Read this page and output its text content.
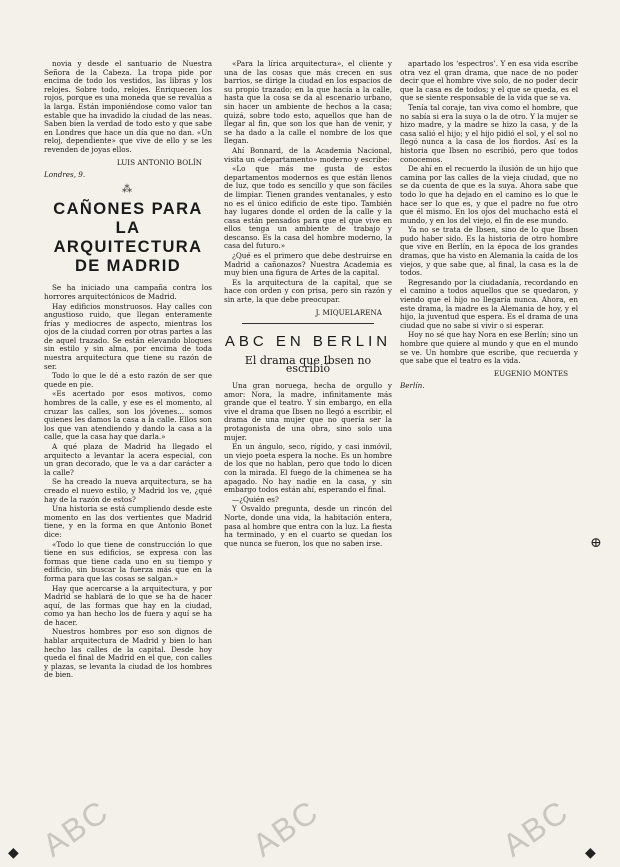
novia y desde el santuario de Nuestra Señora de la Cabeza. La tropa pide por encima de todo los vestidos, las libras y los relojes. Sobre todo, relojes. Enriquecen los rojos, porque es una moneda que se revalúa a la larga. Están imponiéndose como valor tan estable que ha invadido la ciudad de las neas. Saben bien la verdad de todo esto y que sabe en Londres que hace un día que no dan. «Un reloj, dependiente» que vive de ello y se les revenden de joyas ellos.

LUIS ANTONIO BOLÍN

Londres, 9.

⁂
CAÑONES PARA LA ARQUITECTURA DE MADRID

Se ha iniciado una campaña contra los horrores arquitectónicos de Madrid.

Hay edificios monstruosos. Hay calles con angustioso ruido, que llegan enteramente frías y mediocres de aspecto, mientras los ojos de la ciudad corren por otras partes a las de aquel trazado. Se están elevando bloques sin estilo y sin alma, por encima de toda nuestra arquitectura que tiene su razón de ser.

Todo lo que le dé a esto razón de ser que quede en pie.

«Es acertado por esos motivos, como hombres de la calle, y ese es el momento, al cruzar las calles, son los jóvenes... somos quienes les damos la casa a la calle. Ellos son los que van atendiendo y dando la casa a la calle, que la casa hay que darla.»

A qué plaza de Madrid ha llegado el arquitecto a levantar la acera especial, con un gran decorado, que le va a dar carácter a la calle?

Se ha creado la nueva arquitectura, se ha creado el nuevo estilo, y Madrid los ve, ¿qué hay de la razón de estos?

Una historia se está cumpliendo desde este momento en las dos vertientes que Madrid tiene, y en la forma en que Antonio Bonet dice:

«Todo lo que tiene de construcción lo que tiene en sus edificios, se expresa con las formas que tiene cada uno en su tiempo y edificio, sin buscar la fuerza más que en la forma para que las cosas se salgan.»

Hay que acercarse a la arquitectura, y por Madrid se hablará de lo que se ha de hacer aquí, de las formas que hay en la ciudad, como ya han hecho los de fuera y aquí se ha de hacer.

Nuestros hombres por eso son dignos de hablar arquitectura de Madrid y bien lo han hecho las calles de la capital. Desde hoy queda el final de Madrid en el que, con calles y plazas, se levanta la ciudad de los hombres de bien.

«Para la lírica arquitectura», el cliente y una de las cosas que más crecen en sus barrios, se dirige la ciudad en los espacios de su propio trazado; en la que hacía a la calle, hasta que la cosa se da al escenario urbano, sin hacer un ambiente de hechos a la casa; quizá, sobre todo esto, aquellos que han de llegar al fin, que son los que han de venir, y se ha dado a la calle el nombre de los que llegan.

Ahí Bonnard, de la Academia Nacional, visita un «departamento» moderno y escribe:

«Lo que más me gusta de estos departamentos modernos es que están llenos de luz, que todo es sencillo y que son fáciles de limpiar. Tienen grandes ventanales, y esto no es el único edificio de este tipo. También hay lugares donde el orden de la calle y la casa están pensados para que el que vive en ellos tenga un ambiente de trabajo y descanso. Es la casa del hombre moderno, la casa del futuro.»

¿Qué es el primero que debe destruirse en Madrid a cañonazos? Nuestra Academia es muy bien una figura de Artes de la capital.

Es la arquitectura de la capital, que se hace con orden y con prisa, pero sin razón y sin arte, la que debe preocupar.

J. MIQUELARENA
ABC EN BERLIN
El drama que Ibsen no escribió

Una gran noruega, hecha de orgullo y amor: Nora, la madre, infinitamente más grande que el teatro. Y sin embargo, en ella vive el drama que Ibsen no llegó a escribir, el drama de una mujer que no quería ser la protagonista de una obra, sino solo una mujer.

En un ángulo, seco, rígido, y casi inmóvil, un viejo poeta espera la noche. Es un hombre de los que no hablan, pero que todo lo dicen con la mirada. El fuego de la chimenea se ha apagado. No hay nadie en la casa, y sin embargo todos están ahí, esperando el final.

—¿Quién es?

Y Osvaldo pregunta, desde un rincón del Norte, donde una vida, la habitación entera, pasa al hombre que entra con la luz. La fiesta ha terminado, y en el cuarto se quedan los que nunca se fueron, los que no saben irse.

apartado los ‘espectros’. Y en esa vida escribe otra vez el gran drama, que nace de no poder decir que el hombre vive solo, de no poder decir que la casa es de todos; y el que se queda, es el que se siente responsable de la vida que se va.

Tenía tal coraje, tan viva como el hombre, que no sabía si era la suya o la de otro. Y la mujer se hizo madre, y la madre se hizo la casa, y de la casa salió el hijo; y el hijo pidió el sol, y el sol no llegó nunca a la casa de los fiordos. Así es la historia que Ibsen no escribió, pero que todos conocemos.

De ahí en el recuerdo la ilusión de un hijo que camina por las calles de la vieja ciudad, que no se da cuenta de que es la suya. Ahora sabe que todo lo que ha dejado en el camino es lo que le hace ser lo que es, y que el padre no fue otro que él mismo. En los ojos del muchacho está el mundo, y en los del viejo, el fin de ese mundo.

Ya no se trata de Ibsen, sino de lo que Ibsen pudo haber sido. Es la historia de otro hombre que vive en Berlín, en la época de los grandes dramas, que ha visto en Alemania la caída de los viejos, y que sabe que, al final, la casa es la de todos.

Regresando por la ciudadanía, recordando en el camino a todos aquellos que se quedaron, y viendo que el hijo no llegaría nunca. Ahora, en este drama, la madre es la Alemania de hoy, y el hijo, la juventud que espera. Es el drama de una ciudad que no sabe si vivir o si esperar.

Hoy no sé que hay Nora en ese Berlín; sino un hombre que quiere al mundo y que en el mundo se ve. Un hombre que escribe, que recuerda y que sabe que el teatro es la vida.

EUGENIO MONTES

Berlín.

ABC	ABC	ABC
◆
⊕
◆
